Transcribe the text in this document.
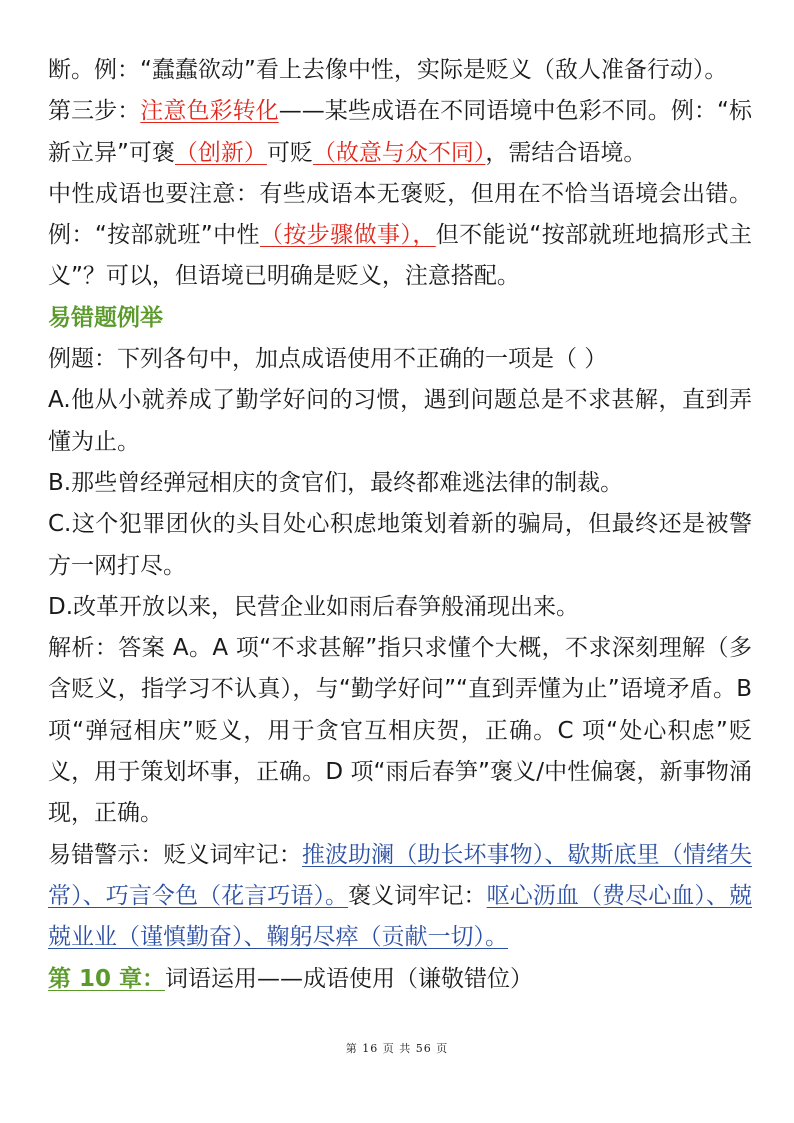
断。例：“蠢蠢欲动”看上去像中性，实际是贬义（敌人准备行动）。

第三步：注意色彩转化——某些成语在不同语境中色彩不同。例：“标新立异”可褒（创新）可贬（故意与众不同），需结合语境。

中性成语也要注意：有些成语本无褒贬，但用在不恰当语境会出错。例：“按部就班”中性（按步骤做事），但不能说“按部就班地搞形式主义”？可以，但语境已明确是贬义，注意搭配。

易错题例举

例题：下列各句中，加点成语使用不正确的一项是（ ）

A.他从小就养成了勤学好问的习惯，遇到问题总是不求甚解，直到弄懂为止。

B.那些曾经弹冠相庆的贪官们，最终都难逃法律的制裁。

C.这个犯罪团伙的头目处心积虑地策划着新的骗局，但最终还是被警方一网打尽。

D.改革开放以来，民营企业如雨后春笋般涌现出来。

解析：答案 A。A 项“不求甚解”指只求懂个大概，不求深刻理解（多含贬义，指学习不认真），与“勤学好问”“直到弄懂为止”语境矛盾。B 项“弹冠相庆”贬义，用于贪官互相庆贺，正确。C 项“处心积虑”贬义，用于策划坏事，正确。D 项“雨后春笋”褒义/中性偏褒，新事物涌现，正确。

易错警示：贬义词牢记：推波助澜（助长坏事物）、歇斯底里（情绪失常）、巧言令色（花言巧语）。褒义词牢记：呕心沥血（费尽心血）、兢兢业业（谨慎勤奋）、鞠躬尽瘁（贡献一切）。

第 10 章：词语运用——成语使用（谦敬错位）

第 16 页 共 56 页
